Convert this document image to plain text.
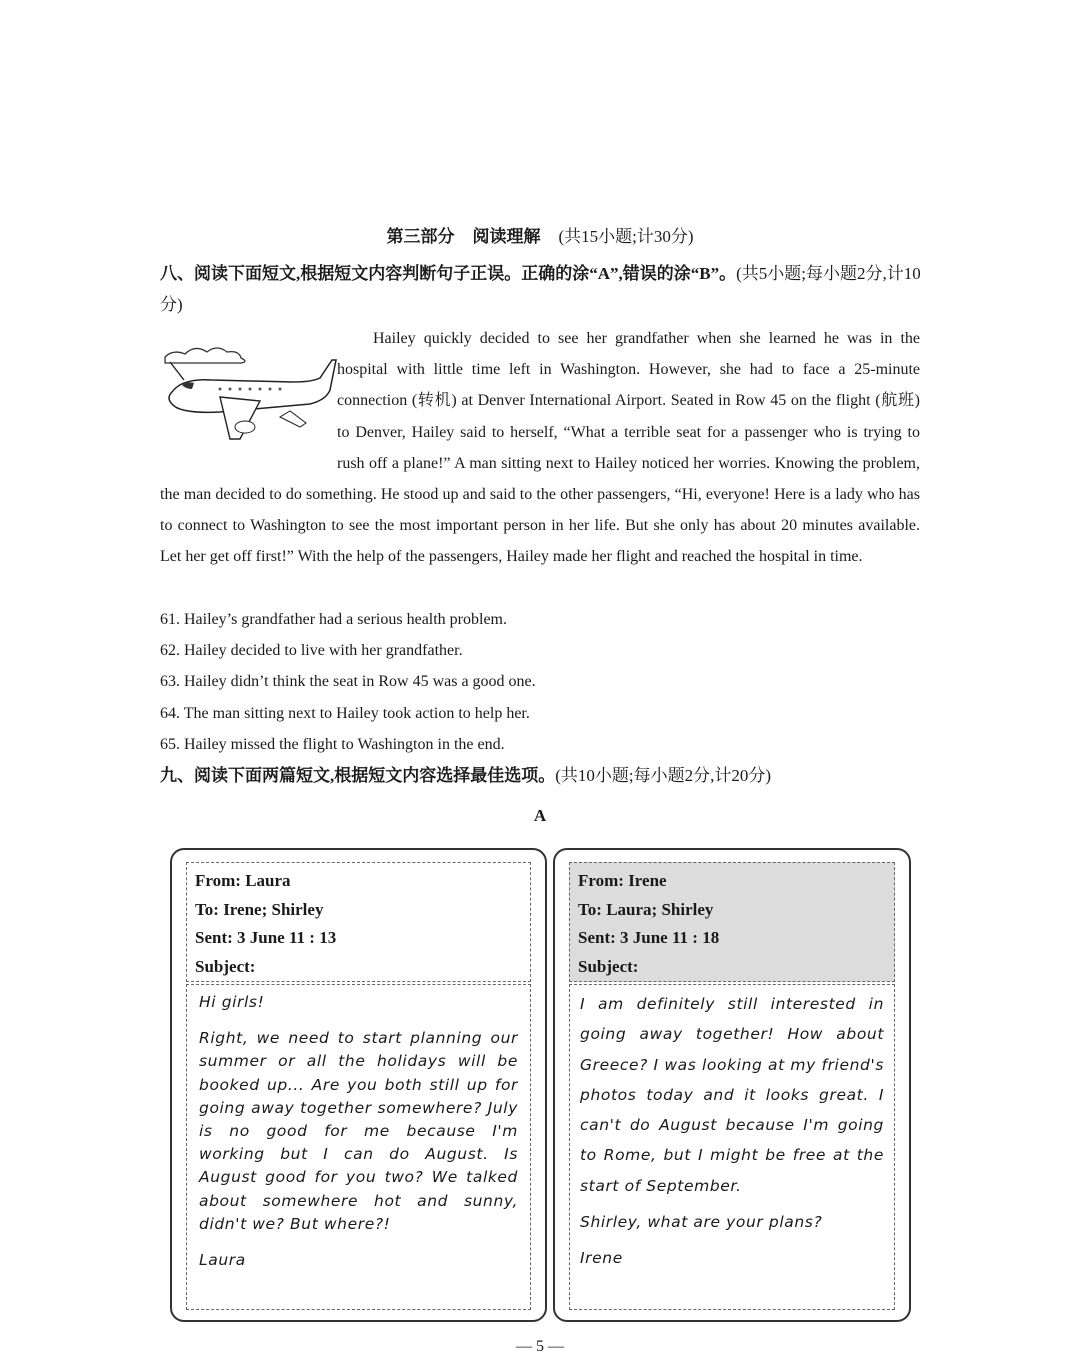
第三部分 阅读理解 (共15小题;计30分)
八、阅读下面短文,根据短文内容判断句子正误。正确的涂“A”,错误的涂“B”。(共5小题;每小题2分,计10分)
Hailey quickly decided to see her grandfather when she learned he was in the hospital with little time left in Washington. However, she had to face a 25-minute connection (转机) at Denver International Airport. Seated in Row 45 on the flight (航班) to Denver, Hailey said to herself, “What a terrible seat for a passenger who is trying to rush off a plane!” A man sitting next to Hailey noticed her worries. Knowing the problem, the man decided to do something. He stood up and said to the other passengers, “Hi, everyone! Here is a lady who has to connect to Washington to see the most important person in her life. But she only has about 20 minutes available. Let her get off first!” With the help of the passengers, Hailey made her flight and reached the hospital in time.
61. Hailey’s grandfather had a serious health problem.
62. Hailey decided to live with her grandfather.
63. Hailey didn’t think the seat in Row 45 was a good one.
64. The man sitting next to Hailey took action to help her.
65. Hailey missed the flight to Washington in the end.
九、阅读下面两篇短文,根据短文内容选择最佳选项。(共10小题;每小题2分,计20分)
A
From: Laura
To: Irene; Shirley
Sent: 3 June 11 : 13
Subject:

Hi girls!

Right, we need to start planning our summer or all the holidays will be booked up... Are you both still up for going away together somewhere? July is no good for me because I'm working but I can do August. Is August good for you two? We talked about somewhere hot and sunny, didn't we? But where?!

Laura

From: Irene
To: Laura; Shirley
Sent: 3 June 11 : 18
Subject:

I am definitely still interested in going away together! How about Greece? I was looking at my friend's photos today and it looks great. I can't do August because I'm going to Rome, but I might be free at the start of September.

Shirley, what are your plans?

Irene

— 5 —
